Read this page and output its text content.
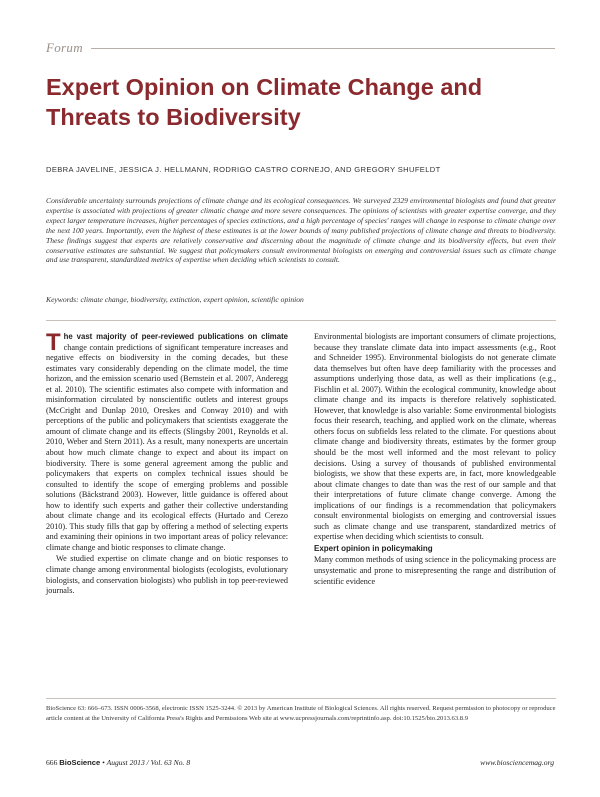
Forum
Expert Opinion on Climate Change and Threats to Biodiversity
DEBRA JAVELINE, JESSICA J. HELLMANN, RODRIGO CASTRO CORNEJO, AND GREGORY SHUFELDT

Considerable uncertainty surrounds projections of climate change and its ecological consequences. We surveyed 2329 environmental biologists and found that greater expertise is associated with projections of greater climatic change and more severe consequences. The opinions of scientists with greater expertise converge, and they expect larger temperature increases, higher percentages of species extinctions, and a high percentage of species' ranges will change in response to climate change over the next 100 years. Importantly, even the highest of these estimates is at the lower bounds of many published projections of climate change and threats to biodiversity. These findings suggest that experts are relatively conservative and discerning about the magnitude of climate change and its biodiversity effects, but even their conservative estimates are substantial. We suggest that policymakers consult environmental biologists on emerging and controversial issues such as climate change and use transparent, standardized metrics of expertise when deciding which scientists to consult.

Keywords: climate change, biodiversity, extinction, expert opinion, scientific opinion

The vast majority of peer-reviewed publications on climate change contain predictions of significant temperature increases and negative effects on biodiversity in the coming decades, but these estimates vary considerably depending on the climate model, the time horizon, and the emission scenario used (Bernstein et al. 2007, Anderegg et al. 2010). The scientific estimates also compete with information and misinformation circulated by nonscientific outlets and interest groups (McCright and Dunlap 2010, Oreskes and Conway 2010) and with perceptions of the public and policymakers that scientists exaggerate the amount of climate change and its effects (Slingsby 2001, Reynolds et al. 2010, Weber and Stern 2011). As a result, many nonexperts are uncertain about how much climate change to expect and about its impact on biodiversity. There is some general agreement among the public and policymakers that experts on complex technical issues should be consulted to identify the scope of emerging problems and possible solutions (Bäckstrand 2003). However, little guidance is offered about how to identify such experts and gather their collective understanding about climate change and its ecological effects (Hurtado and Cerezo 2010). This study fills that gap by offering a method of selecting experts and examining their opinions in two important areas of policy relevance: climate change and biotic responses to climate change.

We studied expertise on climate change and on biotic responses to climate change among environmental biologists (ecologists, evolutionary biologists, and conservation biologists) who publish in top peer-reviewed journals.

Environmental biologists are important consumers of climate projections, because they translate climate data into impact assessments (e.g., Root and Schneider 1995). Environmental biologists do not generate climate data themselves but often have deep familiarity with the processes and assumptions underlying those data, as well as their implications (e.g., Fischlin et al. 2007). Within the ecological community, knowledge about climate change and its impacts is therefore relatively sophisticated. However, that knowledge is also variable: Some environmental biologists focus their research, teaching, and applied work on the climate, whereas others focus on subfields less related to the climate. For questions about climate change and biodiversity threats, estimates by the former group should be the most well informed and the most relevant to policy decisions. Using a survey of thousands of published environmental biologists, we show that these experts are, in fact, more knowledgeable about climate changes to date than was the rest of our sample and that their interpretations of future climate change converge. Among the implications of our findings is a recommendation that policymakers consult environmental biologists on emerging and controversial issues such as climate change and use transparent, standardized metrics of expertise when deciding which scientists to consult.

Expert opinion in policymaking

Many common methods of using science in the policymaking process are unsystematic and prone to misrepresenting the range and distribution of scientific evidence

BioScience 63: 666–673. ISSN 0006-3568, electronic ISSN 1525-3244. © 2013 by American Institute of Biological Sciences. All rights reserved. Request permission to photocopy or reproduce article content at the University of California Press's Rights and Permissions Web site at www.ucpressjournals.com/reprintinfo.asp. doi:10.1525/bio.2013.63.8.9

666 BioScience • August 2013 / Vol. 63 No. 8	www.biosciencemag.org
